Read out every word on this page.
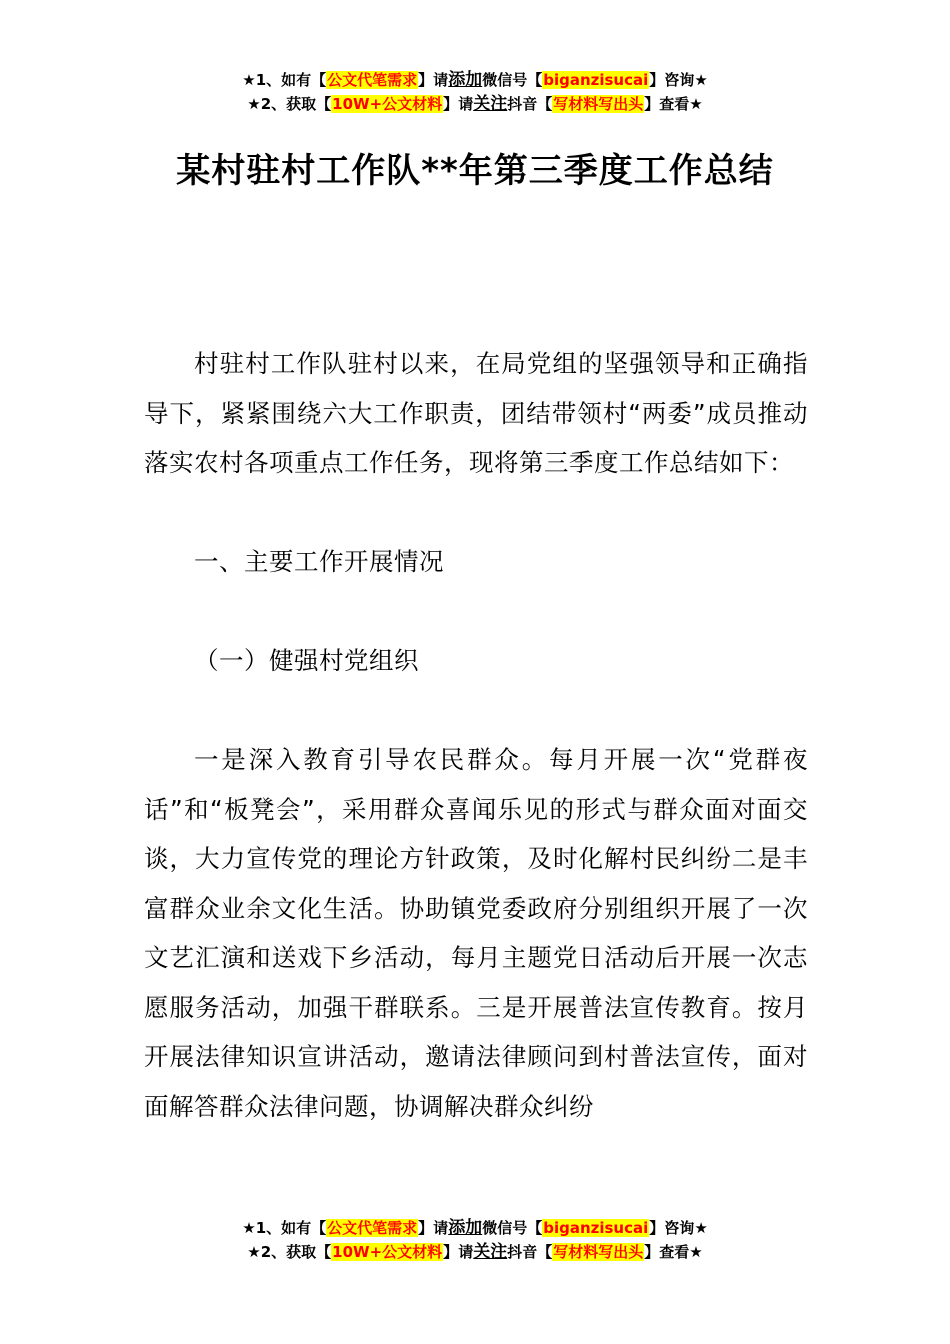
★1、如有【公文代笔需求】请添加微信号【biganzisucai】咨询★
★2、获取【10W+公文材料】请关注抖音【写材料写出头】查看★
某村驻村工作队**年第三季度工作总结

村驻村工作队驻村以来，在局党组的坚强领导和正确指导下，紧紧围绕六大工作职责，团结带领村“两委”成员推动落实农村各项重点工作任务，现将第三季度工作总结如下：

一、主要工作开展情况

（一）健强村党组织

一是深入教育引导农民群众。每月开展一次“党群夜话”和“板凳会”，采用群众喜闻乐见的形式与群众面对面交谈，大力宣传党的理论方针政策，及时化解村民纠纷二是丰富群众业余文化生活。协助镇党委政府分别组织开展了一次文艺汇演和送戏下乡活动，每月主题党日活动后开展一次志愿服务活动，加强干群联系。三是开展普法宣传教育。按月开展法律知识宣讲活动，邀请法律顾问到村普法宣传，面对面解答群众法律问题，协调解决群众纠纷

★1、如有【公文代笔需求】请添加微信号【biganzisucai】咨询★
★2、获取【10W+公文材料】请关注抖音【写材料写出头】查看★
